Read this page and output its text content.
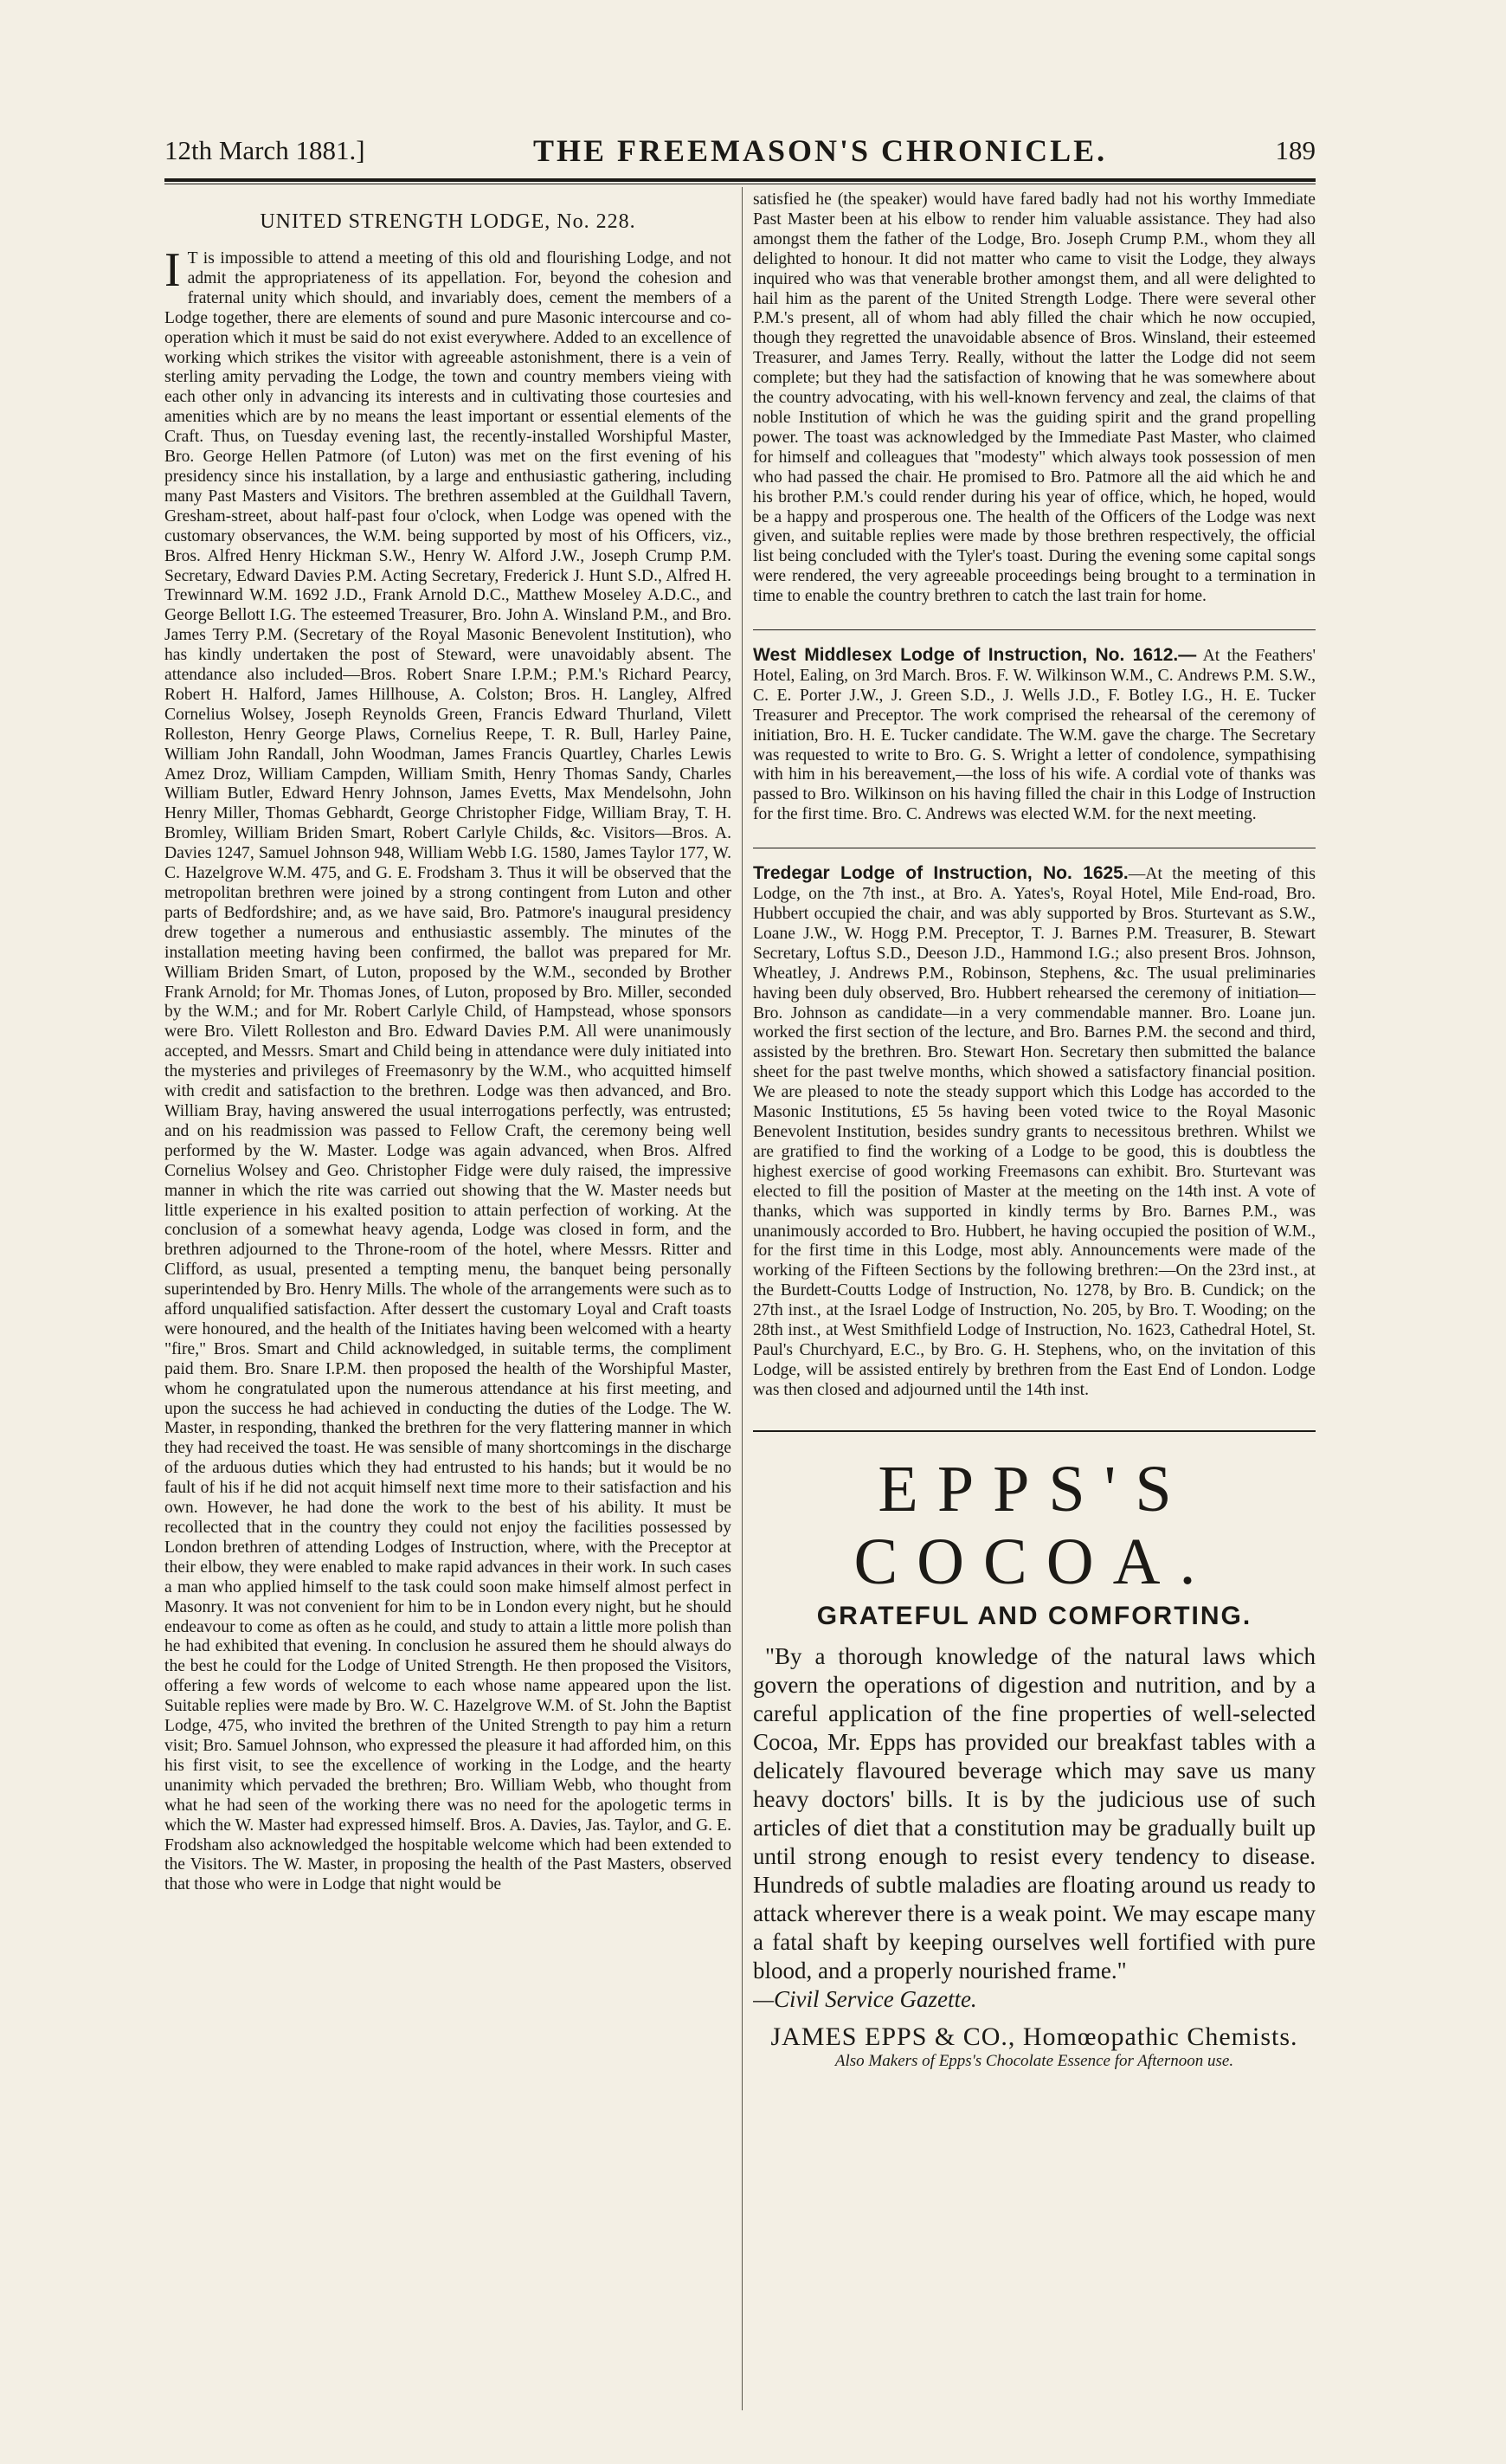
12th March 1881.]	THE FREEMASON'S CHRONICLE.	189
UNITED STRENGTH LODGE, No. 228.

I T is impossible to attend a meeting of this old and flourishing Lodge, and not admit the appropriateness of its appellation. For, beyond the cohesion and fraternal unity which should, and invariably does, cement the members of a Lodge together, there are elements of sound and pure Masonic intercourse and co-operation which it must be said do not exist everywhere. Added to an excellence of working which strikes the visitor with agreeable astonishment, there is a vein of sterling amity pervading the Lodge, the town and country members vieing with each other only in advancing its interests and in cultivating those courtesies and amenities which are by no means the least important or essential elements of the Craft. Thus, on Tuesday evening last, the recently-installed Worshipful Master, Bro. George Hellen Patmore (of Luton) was met on the first evening of his presidency since his installation, by a large and enthusiastic gathering, including many Past Masters and Visitors. The brethren assembled at the Guildhall Tavern, Gresham-street, about half-past four o'clock, when Lodge was opened with the customary observances, the W.M. being supported by most of his Officers, viz., Bros. Alfred Henry Hickman S.W., Henry W. Alford J.W., Joseph Crump P.M. Secretary, Edward Davies P.M. Acting Secretary, Frederick J. Hunt S.D., Alfred H. Trewinnard W.M. 1692 J.D., Frank Arnold D.C., Matthew Moseley A.D.C., and George Bellott I.G. The esteemed Treasurer, Bro. John A. Winsland P.M., and Bro. James Terry P.M. (Secretary of the Royal Masonic Benevolent Institution), who has kindly undertaken the post of Steward, were unavoidably absent. The attendance also included—Bros. Robert Snare I.P.M.; P.M.'s Richard Pearcy, Robert H. Halford, James Hillhouse, A. Colston; Bros. H. Langley, Alfred Cornelius Wolsey, Joseph Reynolds Green, Francis Edward Thurland, Vilett Rolleston, Henry George Plaws, Cornelius Reepe, T. R. Bull, Harley Paine, William John Randall, John Woodman, James Francis Quartley, Charles Lewis Amez Droz, William Campden, William Smith, Henry Thomas Sandy, Charles William Butler, Edward Henry Johnson, James Evetts, Max Mendelsohn, John Henry Miller, Thomas Gebhardt, George Christopher Fidge, William Bray, T. H. Bromley, William Briden Smart, Robert Carlyle Childs, &c. Visitors—Bros. A. Davies 1247, Samuel Johnson 948, William Webb I.G. 1580, James Taylor 177, W. C. Hazelgrove W.M. 475, and G. E. Frodsham 3. Thus it will be observed that the metropolitan brethren were joined by a strong contingent from Luton and other parts of Bedfordshire; and, as we have said, Bro. Patmore's inaugural presidency drew together a numerous and enthusiastic assembly. The minutes of the installation meeting having been confirmed, the ballot was prepared for Mr. William Briden Smart, of Luton, proposed by the W.M., seconded by Brother Frank Arnold; for Mr. Thomas Jones, of Luton, proposed by Bro. Miller, seconded by the W.M.; and for Mr. Robert Carlyle Child, of Hampstead, whose sponsors were Bro. Vilett Rolleston and Bro. Edward Davies P.M. All were unanimously accepted, and Messrs. Smart and Child being in attendance were duly initiated into the mysteries and privileges of Freemasonry by the W.M., who acquitted himself with credit and satisfaction to the brethren. Lodge was then advanced, and Bro. William Bray, having answered the usual interrogations perfectly, was entrusted; and on his readmission was passed to Fellow Craft, the ceremony being well performed by the W. Master. Lodge was again advanced, when Bros. Alfred Cornelius Wolsey and Geo. Christopher Fidge were duly raised, the impressive manner in which the rite was carried out showing that the W. Master needs but little experience in his exalted position to attain perfection of working. At the conclusion of a somewhat heavy agenda, Lodge was closed in form, and the brethren adjourned to the Throne-room of the hotel, where Messrs. Ritter and Clifford, as usual, presented a tempting menu, the banquet being personally superintended by Bro. Henry Mills. The whole of the arrangements were such as to afford unqualified satisfaction. After dessert the customary Loyal and Craft toasts were honoured, and the health of the Initiates having been welcomed with a hearty "fire," Bros. Smart and Child acknowledged, in suitable terms, the compliment paid them. Bro. Snare I.P.M. then proposed the health of the Worshipful Master, whom he congratulated upon the numerous attendance at his first meeting, and upon the success he had achieved in conducting the duties of the Lodge. The W. Master, in responding, thanked the brethren for the very flattering manner in which they had received the toast. He was sensible of many shortcomings in the discharge of the arduous duties which they had entrusted to his hands; but it would be no fault of his if he did not acquit himself next time more to their satisfaction and his own. However, he had done the work to the best of his ability. It must be recollected that in the country they could not enjoy the facilities possessed by London brethren of attending Lodges of Instruction, where, with the Preceptor at their elbow, they were enabled to make rapid advances in their work. In such cases a man who applied himself to the task could soon make himself almost perfect in Masonry. It was not convenient for him to be in London every night, but he should endeavour to come as often as he could, and study to attain a little more polish than he had exhibited that evening. In conclusion he assured them he should always do the best he could for the Lodge of United Strength. He then proposed the Visitors, offering a few words of welcome to each whose name appeared upon the list. Suitable replies were made by Bro. W. C. Hazelgrove W.M. of St. John the Baptist Lodge, 475, who invited the brethren of the United Strength to pay him a return visit; Bro. Samuel Johnson, who expressed the pleasure it had afforded him, on this his first visit, to see the excellence of working in the Lodge, and the hearty unanimity which pervaded the brethren; Bro. William Webb, who thought from what he had seen of the working there was no need for the apologetic terms in which the W. Master had expressed himself. Bros. A. Davies, Jas. Taylor, and G. E. Frodsham also acknowledged the hospitable welcome which had been extended to the Visitors. The W. Master, in proposing the health of the Past Masters, observed that those who were in Lodge that night would be

satisfied he (the speaker) would have fared badly had not his worthy Immediate Past Master been at his elbow to render him valuable assistance. They had also amongst them the father of the Lodge, Bro. Joseph Crump P.M., whom they all delighted to honour. It did not matter who came to visit the Lodge, they always inquired who was that venerable brother amongst them, and all were delighted to hail him as the parent of the United Strength Lodge. There were several other P.M.'s present, all of whom had ably filled the chair which he now occupied, though they regretted the unavoidable absence of Bros. Winsland, their esteemed Treasurer, and James Terry. Really, without the latter the Lodge did not seem complete; but they had the satisfaction of knowing that he was somewhere about the country advocating, with his well-known fervency and zeal, the claims of that noble Institution of which he was the guiding spirit and the grand propelling power. The toast was acknowledged by the Immediate Past Master, who claimed for himself and colleagues that "modesty" which always took possession of men who had passed the chair. He promised to Bro. Patmore all the aid which he and his brother P.M.'s could render during his year of office, which, he hoped, would be a happy and prosperous one. The health of the Officers of the Lodge was next given, and suitable replies were made by those brethren respectively, the official list being concluded with the Tyler's toast. During the evening some capital songs were rendered, the very agreeable proceedings being brought to a termination in time to enable the country brethren to catch the last train for home.

West Middlesex Lodge of Instruction, No. 1612.— At the Feathers' Hotel, Ealing, on 3rd March. Bros. F. W. Wilkinson W.M., C. Andrews P.M. S.W., C. E. Porter J.W., J. Green S.D., J. Wells J.D., F. Botley I.G., H. E. Tucker Treasurer and Preceptor. The work comprised the rehearsal of the ceremony of initiation, Bro. H. E. Tucker candidate. The W.M. gave the charge. The Secretary was requested to write to Bro. G. S. Wright a letter of condolence, sympathising with him in his bereavement,—the loss of his wife. A cordial vote of thanks was passed to Bro. Wilkinson on his having filled the chair in this Lodge of Instruction for the first time. Bro. C. Andrews was elected W.M. for the next meeting.

Tredegar Lodge of Instruction, No. 1625.—At the meeting of this Lodge, on the 7th inst., at Bro. A. Yates's, Royal Hotel, Mile End-road, Bro. Hubbert occupied the chair, and was ably supported by Bros. Sturtevant as S.W., Loane J.W., W. Hogg P.M. Preceptor, T. J. Barnes P.M. Treasurer, B. Stewart Secretary, Loftus S.D., Deeson J.D., Hammond I.G.; also present Bros. Johnson, Wheatley, J. Andrews P.M., Robinson, Stephens, &c. The usual preliminaries having been duly observed, Bro. Hubbert rehearsed the ceremony of initiation—Bro. Johnson as candidate—in a very commendable manner. Bro. Loane jun. worked the first section of the lecture, and Bro. Barnes P.M. the second and third, assisted by the brethren. Bro. Stewart Hon. Secretary then submitted the balance sheet for the past twelve months, which showed a satisfactory financial position. We are pleased to note the steady support which this Lodge has accorded to the Masonic Institutions, £5 5s having been voted twice to the Royal Masonic Benevolent Institution, besides sundry grants to necessitous brethren. Whilst we are gratified to find the working of a Lodge to be good, this is doubtless the highest exercise of good working Freemasons can exhibit. Bro. Sturtevant was elected to fill the position of Master at the meeting on the 14th inst. A vote of thanks, which was supported in kindly terms by Bro. Barnes P.M., was unanimously accorded to Bro. Hubbert, he having occupied the position of W.M., for the first time in this Lodge, most ably. Announcements were made of the working of the Fifteen Sections by the following brethren:—On the 23rd inst., at the Burdett-Coutts Lodge of Instruction, No. 1278, by Bro. B. Cundick; on the 27th inst., at the Israel Lodge of Instruction, No. 205, by Bro. T. Wooding; on the 28th inst., at West Smithfield Lodge of Instruction, No. 1623, Cathedral Hotel, St. Paul's Churchyard, E.C., by Bro. G. H. Stephens, who, on the invitation of this Lodge, will be assisted entirely by brethren from the East End of London. Lodge was then closed and adjourned until the 14th inst.

EPPS'S COCOA.
GRATEFUL AND COMFORTING.

"By a thorough knowledge of the natural laws which govern the operations of digestion and nutrition, and by a careful application of the fine properties of well-selected Cocoa, Mr. Epps has provided our breakfast tables with a delicately flavoured beverage which may save us many heavy doctors' bills. It is by the judicious use of such articles of diet that a constitution may be gradually built up until strong enough to resist every tendency to disease. Hundreds of subtle maladies are floating around us ready to attack wherever there is a weak point. We may escape many a fatal shaft by keeping ourselves well fortified with pure blood, and a properly nourished frame."

—Civil Service Gazette.

JAMES EPPS & CO., Homœopathic Chemists.
Also Makers of Epps's Chocolate Essence for Afternoon use.
